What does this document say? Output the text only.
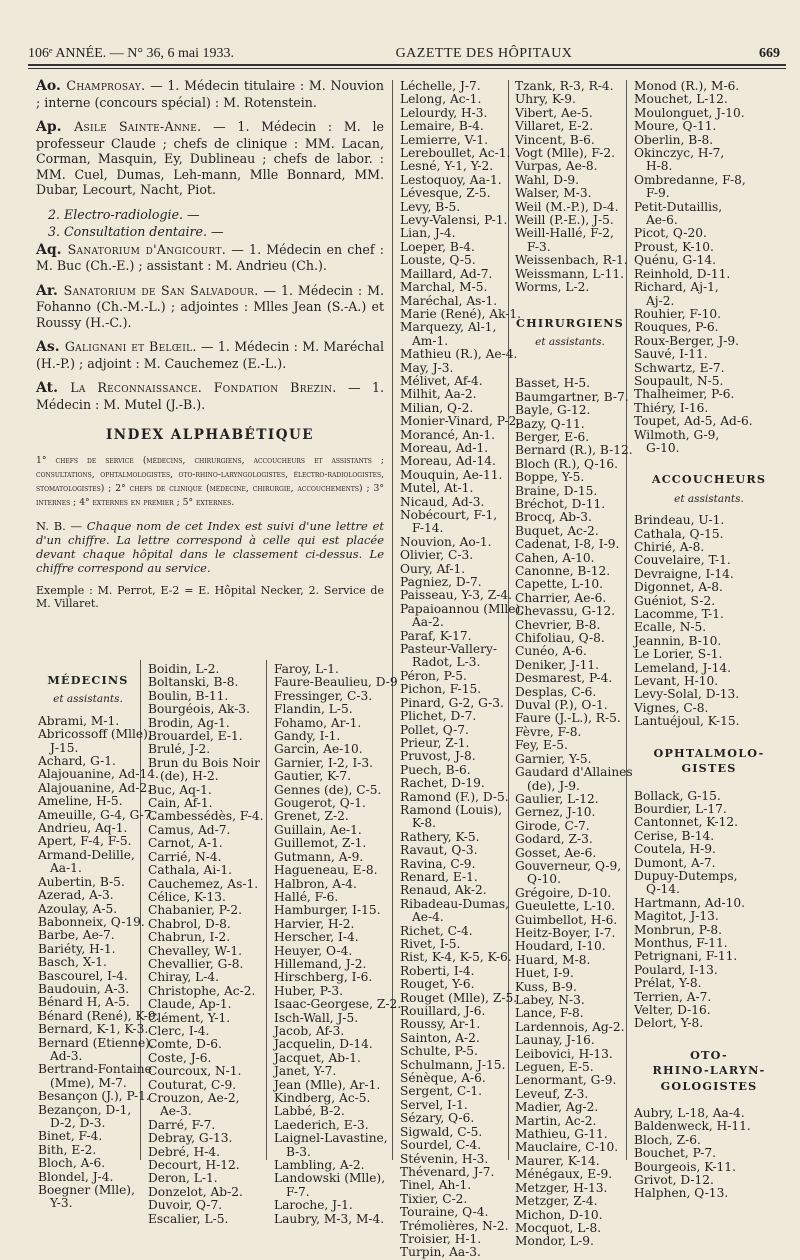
106ᵉ ANNÉE. — N° 36, 6 mai 1933.	GAZETTE DES HÔPITAUX	669

Ao. Champrosay. — 1. Médecin titulaire : M. Nouvion ; interne (concours spécial) : M. Rotenstein.

Ap. Asile Sainte-Anne. — 1. Médecin : M. le professeur Claude ; chefs de clinique : MM. Lacan, Corman, Masquin, Ey, Dublineau ; chefs de labor. : MM. Cuel, Dumas, Leh-mann, Mlle Bonnard, MM. Dubar, Lecourt, Nacht, Piot.

2. Electro-radiologie. —

3. Consultation dentaire. —

Aq. Sanatorium d'Angicourt. — 1. Médecin en chef : M. Buc (Ch.-E.) ; assistant : M. Andrieu (Ch.).

Ar. Sanatorium de San Salvadour. — 1. Médecin : M. Fohanno (Ch.-M.-L.) ; adjointes : Mlles Jean (S.-A.) et Roussy (H.-C.).

As. Galignani et Belœil. — 1. Médecin : M. Maréchal (H.-P.) ; adjoint : M. Cauchemez (E.-L.).

At. La Reconnaissance. Fondation Brezin. — 1. Médecin : M. Mutel (J.-B.).

INDEX ALPHABÉTIQUE

1° chefs de service (médecins, chirurgiens, accoucheurs et assistants ; consultations, ophtalmologistes, oto-rhino-laryngologistes, électro-radiologistes, stomatologistes) ; 2° chefs de clinique (médecine, chirurgie, accouchements) ; 3° internes ; 4° externes en premier ; 5° externes.

N. B. — Chaque nom de cet Index est suivi d'une lettre et d'un chiffre. La lettre correspond à celle qui est placée devant chaque hôpital dans le classement ci-dessus. Le chiffre correspond au service.

Exemple : M. Perrot, E-2 = E. Hôpital Necker, 2. Service de M. Villaret.

MÉDECINS
et assistants.
Abrami, M-1.
Abricossoff (Mlle),
J-15.
Achard, G-1.
Alajouanine, Ad-14.
Alajouanine, Ad-2.
Ameline, H-5.
Ameuille, G-4, G-7.
Andrieu, Aq-1.
Apert, F-4, F-5.
Armand-Delille,
Aa-1.
Aubertin, B-5.
Azerad, A-3.
Azoulay, A-5.
Babonneix, Q-19.
Barbe, Ae-7.
Bariéty, H-1.
Basch, X-1.
Bascourel, I-4.
Baudouin, A-3.
Bénard H, A-5.
Bénard (René), K-9.
Bernard, K-1, K-3.
Bernard (Etienne),
Ad-3.
Bertrand-Fontaine
(Mme), M-7.
Besançon (J.), P-1.
Bezançon, D-1,
D-2, D-3.
Binet, F-4.
Bith, E-2.
Bloch, A-6.
Blondel, J-4.
Boegner (Mlle),
Y-3.
Boidin, L-2.
Boltanski, B-8.
Boulin, B-11.
Bourgéois, Ak-3.
Brodin, Ag-1.
Brouardel, E-1.
Brulé, J-2.
Brun du Bois Noir
(de), H-2.
Buc, Aq-1.
Cain, Af-1.
Cambessédès, F-4.
Camus, Ad-7.
Carnot, A-1.
Carrié, N-4.
Cathala, Ai-1.
Cauchemez, As-1.
Célice, K-13.
Chabanier, P-2.
Chabrol, D-8.
Chabrun, I-2.
Chevalley, W-1.
Chevallier, G-8.
Chiray, L-4.
Christophe, Ac-2.
Claude, Ap-1.
Clément, Y-1.
Clerc, I-4.
Comte, D-6.
Coste, J-6.
Courcoux, N-1.
Couturat, C-9.
Crouzon, Ae-2,
Ae-3.
Darré, F-7.
Debray, G-13.
Debré, H-4.
Decourt, H-12.
Deron, L-1.
Donzelot, Ab-2.
Duvoir, Q-7.
Escalier, L-5.
Faroy, L-1.
Faure-Beaulieu, D-9
Fressinger, C-3.
Flandin, L-5.
Fohamo, Ar-1.
Gandy, I-1.
Garcin, Ae-10.
Garnier, I-2, I-3.
Gautier, K-7.
Gennes (de), C-5.
Gougerot, Q-1.
Grenet, Z-2.
Guillain, Ae-1.
Guillemot, Z-1.
Gutmann, A-9.
Hagueneau, E-8.
Halbron, A-4.
Hallé, F-6.
Hamburger, I-15.
Harvier, H-2.
Herscher, I-4.
Heuyer, O-4.
Hillemand, J-2.
Hirschberg, I-6.
Huber, P-3.
Isaac-Georgese, Z-2.
Isch-Wall, J-5.
Jacob, Af-3.
Jacquelin, D-14.
Jacquet, Ab-1.
Janet, Y-7.
Jean (Mlle), Ar-1.
Kindberg, Ac-5.
Labbé, B-2.
Laederich, E-3.
Laignel-Lavastine,
B-3.
Lambling, A-2.
Landowski (Mlle),
F-7.
Laroche, J-1.
Laubry, M-3, M-4.
Léchelle, J-7.
Lelong, Ac-1.
Lelourdy, H-3.
Lemaire, B-4.
Lemierre, V-1.
Lereboullet, Ac-1.
Lesné, Y-1, Y-2.
Lestoquoy, Aa-1.
Lévesque, Z-5.
Levy, B-5.
Levy-Valensi, P-1.
Lian, J-4.
Loeper, B-4.
Louste, Q-5.
Maillard, Ad-7.
Marchal, M-5.
Maréchal, As-1.
Marie (René), Ak-1.
Marquezy, Al-1,
Am-1.
Mathieu (R.), Ae-4.
May, J-3.
Mélivet, Af-4.
Milhit, Aa-2.
Milian, Q-2.
Monier-Vinard, P-2.
Morancé, An-1.
Moreau, Ad-1.
Moreau, Ad-14.
Mouquin, Ae-11.
Mutel, At-1.
Nicaud, Ad-3.
Nobécourt, F-1,
F-14.
Nouvion, Ao-1.
Olivier, C-3.
Oury, Af-1.
Pagniez, D-7.
Paisseau, Y-3, Z-4.
Papaioannou (Mlle),
Aa-2.
Paraf, K-17.
Pasteur-Vallery-
Radot, L-3.
Péron, P-5.
Pichon, F-15.
Pinard, G-2, G-3.
Plichet, D-7.
Pollet, Q-7.
Prieur, Z-1.
Pruvost, J-8.
Puech, B-6.
Rachet, D-19.
Ramond (F.), D-5.
Ramond (Louis),
K-8.
Rathery, K-5.
Ravaut, Q-3.
Ravina, C-9.
Renard, E-1.
Renaud, Ak-2.
Ribadeau-Dumas,
Ae-4.
Richet, C-4.
Rivet, I-5.
Rist, K-4, K-5, K-6.
Roberti, I-4.
Rouget, Y-6.
Rouget (Mlle), Z-5.
Rouillard, J-6.
Roussy, Ar-1.
Sainton, A-2.
Schulte, P-5.
Schulmann, J-15.
Sénèque, A-6.
Sergent, C-1.
Servel, I-1.
Sézary, Q-6.
Sigwald, C-5.
Sourdel, C-4.
Stévenin, H-3.
Thévenard, J-7.
Tinel, Ah-1.
Tixier, C-2.
Touraine, Q-4.
Trémolières, N-2.
Troisier, H-1.
Turpin, Aa-3.
Tzank, R-3, R-4.
Uhry, K-9.
Vibert, Ae-5.
Villaret, E-2.
Vincent, B-6.
Vogt (Mlle), F-2.
Vurpas, Ae-8.
Wahl, D-9.
Walser, M-3.
Weil (M.-P.), D-4.
Weill (P.-E.), J-5.
Weill-Hallé, F-2,
F-3.
Weissenbach, R-1.
Weissmann, L-11.
Worms, L-2.
CHIRURGIENS
et assistants.
Basset, H-5.
Baumgartner, B-7.
Bayle, G-12.
Bazy, Q-11.
Berger, E-6.
Bernard (R.), B-12.
Bloch (R.), Q-16.
Boppe, Y-5.
Braine, D-15.
Bréchot, D-11.
Brocq, Ab-3.
Buquet, Ac-2.
Cadenat, I-8, I-9.
Cahen, A-10.
Canonne, B-12.
Capette, L-10.
Charrier, Ae-6.
Chevassu, G-12.
Chevrier, B-8.
Chifoliau, Q-8.
Cunéo, A-6.
Deniker, J-11.
Desmarest, P-4.
Desplas, C-6.
Duval (P.), O-1.
Faure (J.-L.), R-5.
Fèvre, F-8.
Fey, E-5.
Garnier, Y-5.
Gaudard d'Allaines
(de), J-9.
Gaulier, L-12.
Gernez, J-10.
Girode, C-7.
Godard, Z-3.
Gosset, Ae-6.
Gouverneur, Q-9,
Q-10.
Grégoire, D-10.
Gueulette, L-10.
Guimbellot, H-6.
Heitz-Boyer, I-7.
Houdard, I-10.
Huard, M-8.
Huet, I-9.
Kuss, B-9.
Labey, N-3.
Lance, F-8.
Lardennois, Ag-2.
Launay, J-16.
Leibovici, H-13.
Leguen, E-5.
Lenormant, G-9.
Leveuf, Z-3.
Madier, Ag-2.
Martin, Ac-2.
Mathieu, G-11.
Mauclaire, C-10.
Maurer, K-14.
Ménégaux, E-9.
Metzger, H-13.
Metzger, Z-4.
Michon, D-10.
Mocquot, L-8.
Mondor, L-9.
Monod (R.), M-6.
Mouchet, L-12.
Moulonguet, J-10.
Moure, Q-11.
Oberlin, B-8.
Okinczyc, H-7,
H-8.
Ombredanne, F-8,
F-9.
Petit-Dutaillis,
Ae-6.
Picot, Q-20.
Proust, K-10.
Quénu, G-14.
Reinhold, D-11.
Richard, Aj-1,
Aj-2.
Rouhier, F-10.
Rouques, P-6.
Roux-Berger, J-9.
Sauvé, I-11.
Schwartz, E-7.
Soupault, N-5.
Thalheimer, P-6.
Thiéry, I-16.
Toupet, Ad-5, Ad-6.
Wilmoth, G-9,
G-10.
ACCOUCHEURS
et assistants.
Brindeau, U-1.
Cathala, Q-15.
Chirié, A-8.
Couvelaire, T-1.
Devraigne, I-14.
Digonnet, A-8.
Guéniot, S-2.
Lacomme, T-1.
Ecalle, N-5.
Jeannin, B-10.
Le Lorier, S-1.
Lemeland, J-14.
Levant, H-10.
Levy-Solal, D-13.
Vignes, C-8.
Lantuéjoul, K-15.
OPHTALMOLO-
GISTES
Bollack, G-15.
Bourdier, L-17.
Cantonnet, K-12.
Cerise, B-14.
Coutela, H-9.
Dumont, A-7.
Dupuy-Dutemps,
Q-14.
Hartmann, Ad-10.
Magitot, J-13.
Monbrun, P-8.
Monthus, F-11.
Petrignani, F-11.
Poulard, I-13.
Prélat, Y-8.
Terrien, A-7.
Velter, D-16.
Delort, Y-8.
OTO-
RHINO-LARYN-
GOLOGISTES
Aubry, L-18, Aa-4.
Baldenweck, H-11.
Bloch, Z-6.
Bouchet, P-7.
Bourgeois, K-11.
Grivot, D-12.
Halphen, Q-13.
